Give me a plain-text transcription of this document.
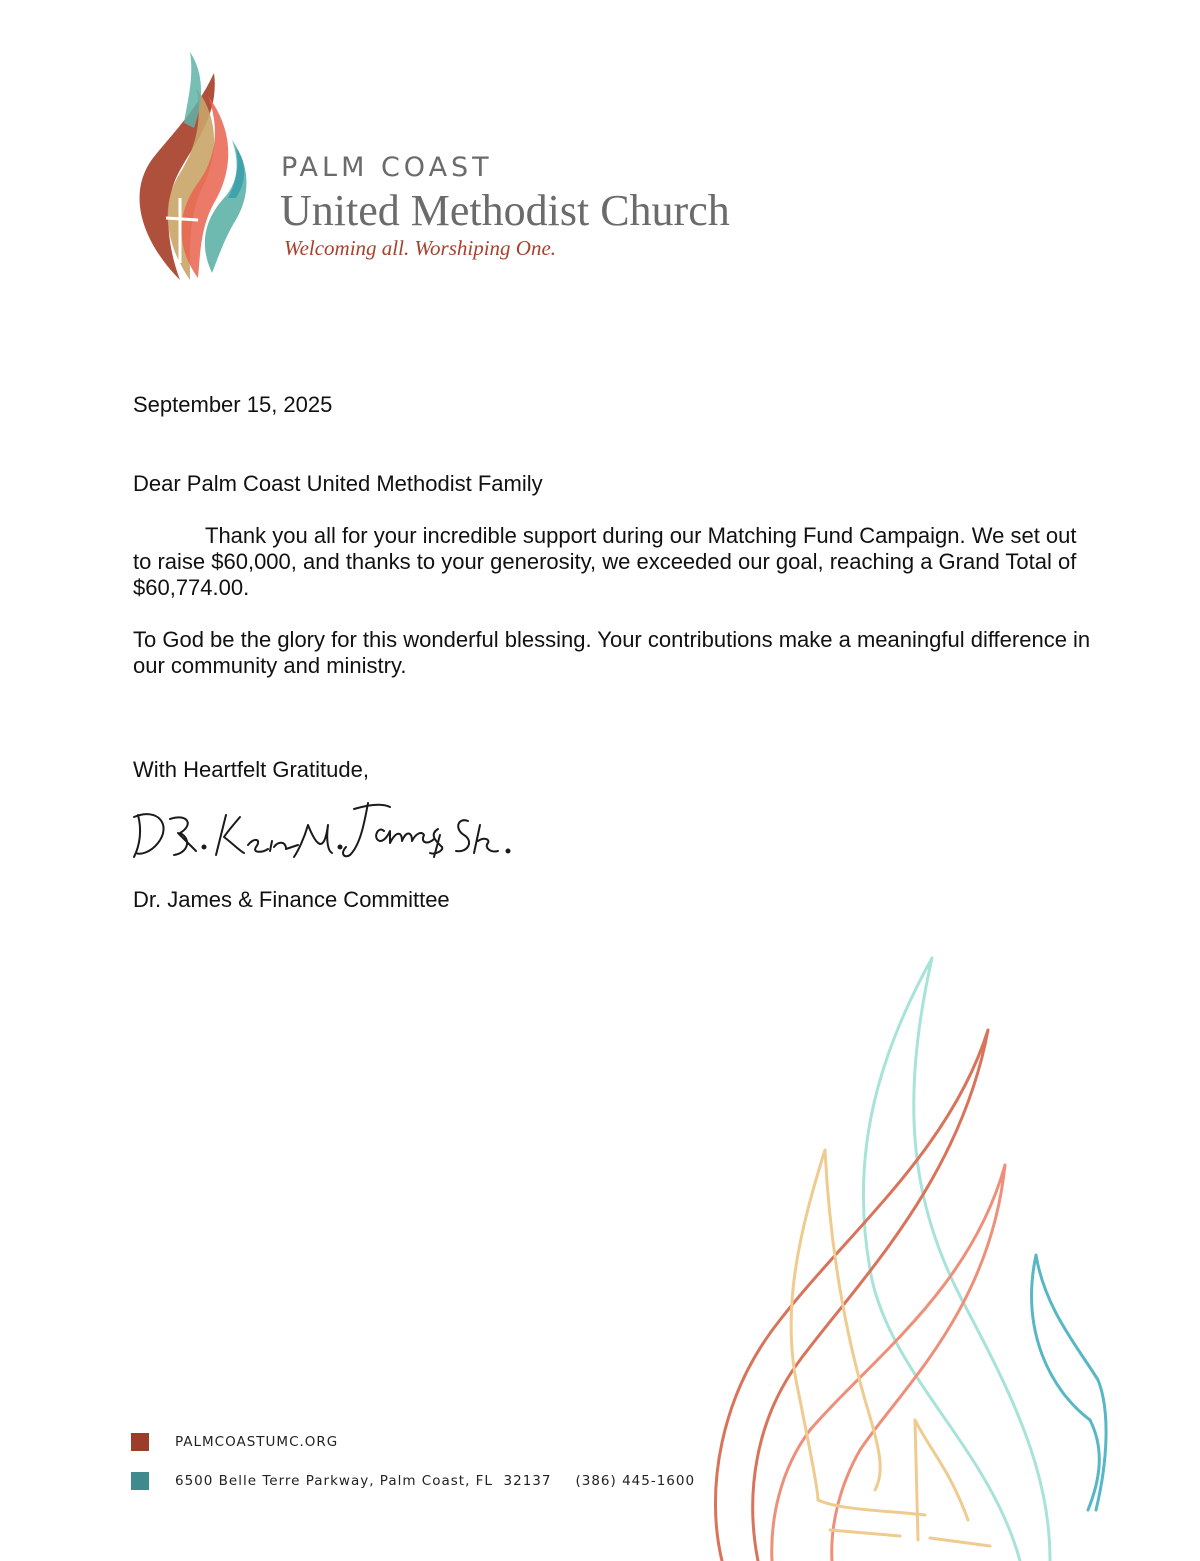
PALM COAST
United Methodist Church
Welcoming all. Worshiping One.
September 15, 2025
Dear Palm Coast United Methodist Family
Thank you all for your incredible support during our Matching Fund Campaign. We set out to raise $60,000, and thanks to your generosity, we exceeded our goal, reaching a Grand Total of $60,774.00.
To God be the glory for this wonderful blessing. Your contributions make a meaningful difference in our community and ministry.
With Heartfelt Gratitude,
Dr. James & Finance Committee
PALMCOASTUMC.ORG
6500 Belle Terre Parkway, Palm Coast, FL  32137 (386) 445-1600
